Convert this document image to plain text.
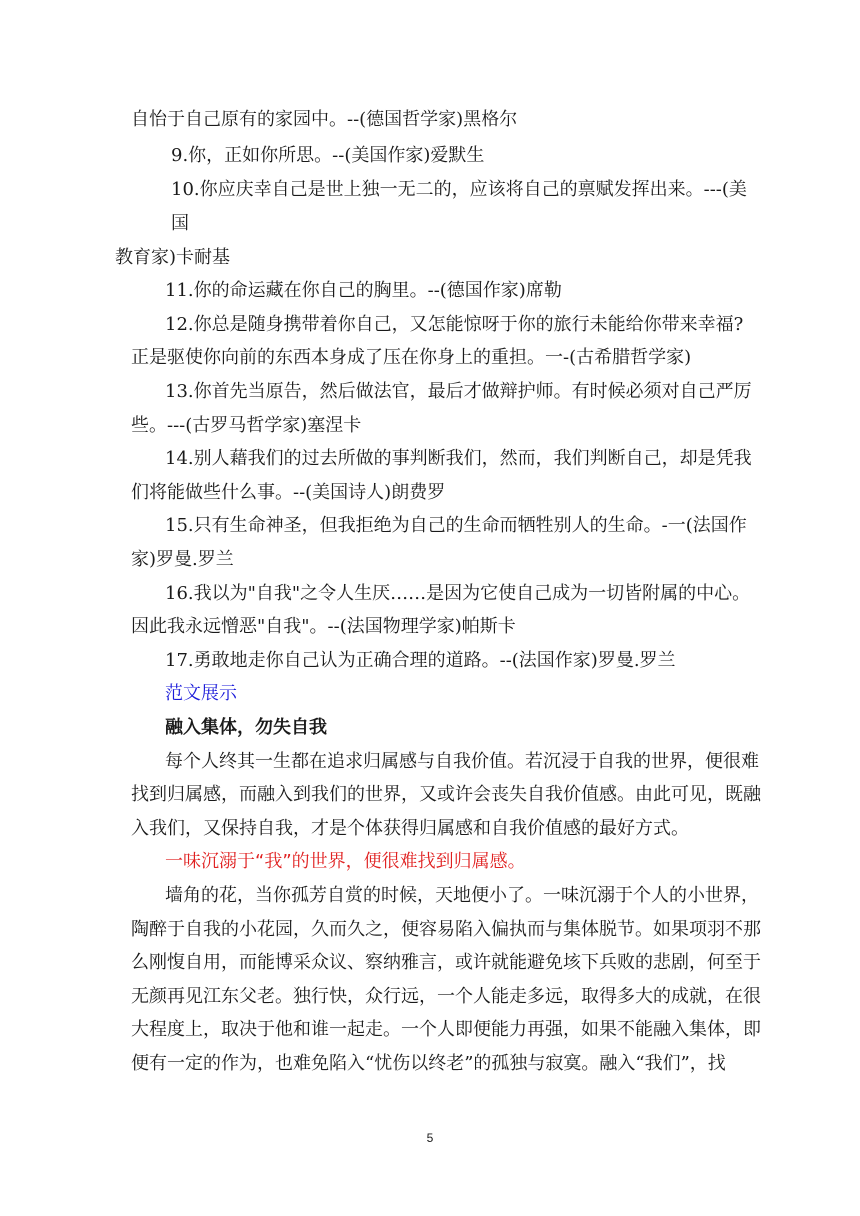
自怡于自己原有的家园中。--(德国哲学家)黑格尔
9.你，正如你所思。--(美国作家)爱默生
10.你应庆幸自己是世上独一无二的，应该将自己的禀赋发挥出来。---(美
国
教育家)卡耐基
11.你的命运藏在你自己的胸里。--(德国作家)席勒
12.你总是随身携带着你自己，又怎能惊呀于你的旅行未能给你带来幸福?
正是驱使你向前的东西本身成了压在你身上的重担。一-(古希腊哲学家)
13.你首先当原告，然后做法官，最后才做辩护师。有时候必须对自己严厉
些。---(古罗马哲学家)塞涅卡
14.别人藉我们的过去所做的事判断我们，然而，我们判断自己，却是凭我
们将能做些什么事。--(美国诗人)朗费罗
15.只有生命神圣，但我拒绝为自己的生命而牺牲别人的生命。-一(法国作
家)罗曼.罗兰
16.我以为"自我"之令人生厌……是因为它使自己成为一切皆附属的中心。
因此我永远憎恶"自我"。--(法国物理学家)帕斯卡
17.勇敢地走你自己认为正确合理的道路。--(法国作家)罗曼.罗兰
范文展示
融入集体，勿失自我
每个人终其一生都在追求归属感与自我价值。若沉浸于自我的世界，便很难
找到归属感，而融入到我们的世界，又或许会丧失自我价值感。由此可见，既融
入我们，又保持自我，才是个体获得归属感和自我价值感的最好方式。
一味沉溺于“我”的世界，便很难找到归属感。
墙角的花，当你孤芳自赏的时候，天地便小了。一味沉溺于个人的小世界，
陶醉于自我的小花园，久而久之，便容易陷入偏执而与集体脱节。如果项羽不那
么刚愎自用，而能博采众议、察纳雅言，或许就能避免垓下兵败的悲剧，何至于
无颜再见江东父老。独行快，众行远，一个人能走多远，取得多大的成就，在很
大程度上，取决于他和谁一起走。一个人即便能力再强，如果不能融入集体，即
便有一定的作为，也难免陷入“忧伤以终老”的孤独与寂寞。融入“我们”，找
5
